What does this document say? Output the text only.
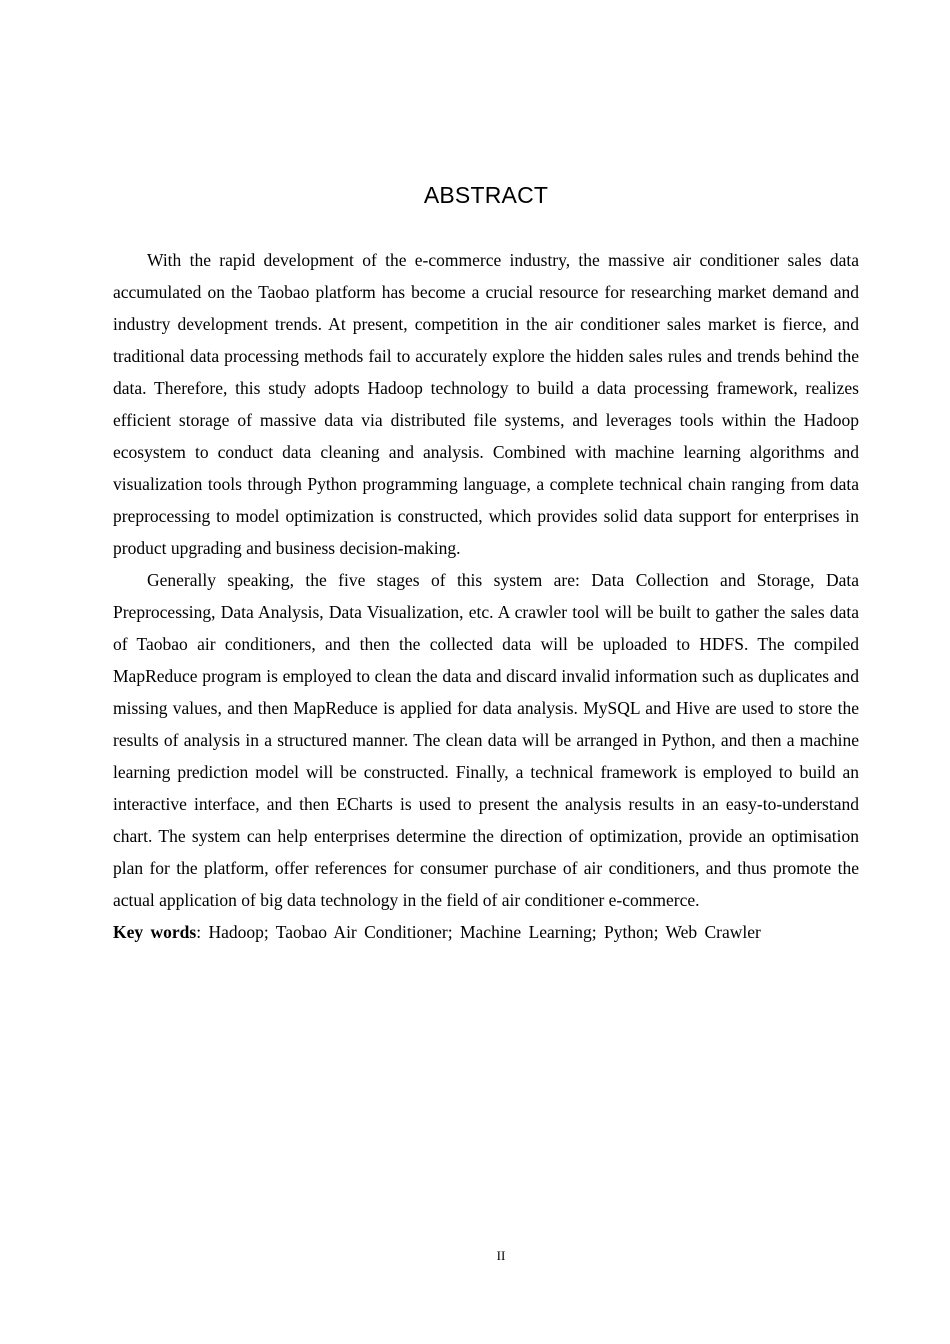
ABSTRACT

With the rapid development of the e-commerce industry, the massive air conditioner sales data accumulated on the Taobao platform has become a crucial resource for researching market demand and industry development trends. At present, competition in the air conditioner sales market is fierce, and traditional data processing methods fail to accurately explore the hidden sales rules and trends behind the data. Therefore, this study adopts Hadoop technology to build a data processing framework, realizes efficient storage of massive data via distributed file systems, and leverages tools within the Hadoop ecosystem to conduct data cleaning and analysis. Combined with machine learning algorithms and visualization tools through Python programming language, a complete technical chain ranging from data preprocessing to model optimization is constructed, which provides solid data support for enterprises in product upgrading and business decision-making.

Generally speaking, the five stages of this system are: Data Collection and Storage, Data Preprocessing, Data Analysis, Data Visualization, etc. A crawler tool will be built to gather the sales data of Taobao air conditioners, and then the collected data will be uploaded to HDFS. The compiled MapReduce program is employed to clean the data and discard invalid information such as duplicates and missing values, and then MapReduce is applied for data analysis. MySQL and Hive are used to store the results of analysis in a structured manner. The clean data will be arranged in Python, and then a machine learning prediction model will be constructed. Finally, a technical framework is employed to build an interactive interface, and then ECharts is used to present the analysis results in an easy-to-understand chart. The system can help enterprises determine the direction of optimization, provide an optimisation plan for the platform, offer references for consumer purchase of air conditioners, and thus promote the actual application of big data technology in the field of air conditioner e-commerce.

Key words: Hadoop; Taobao Air Conditioner; Machine Learning; Python; Web Crawler

II
